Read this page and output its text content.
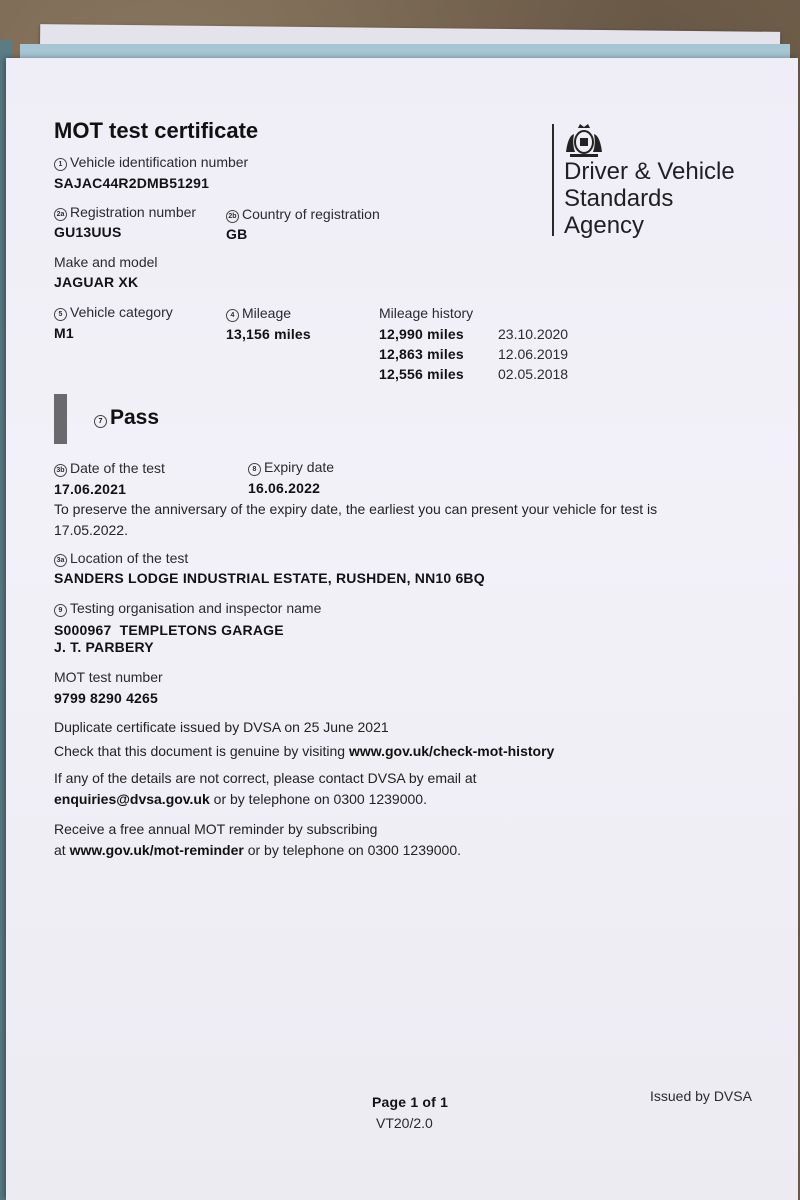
MOT test certificate
Driver & Vehicle
Standards
Agency
1 Vehicle identification number
SAJAC44R2DMB51291
2a Registration number
GU13UUS
2b Country of registration
GB
Make and model
JAGUAR XK
5 Vehicle category
M1
4 Mileage
13,156 miles
Mileage history
12,990 miles 23.10.2020
12,863 miles 12.06.2019
12,556 miles 02.05.2018
7 Pass
3b Date of the test
17.06.2021
8 Expiry date
16.06.2022
To preserve the anniversary of the expiry date, the earliest you can present your vehicle for test is 17.05.2022.
3a Location of the test
SANDERS LODGE INDUSTRIAL ESTATE, RUSHDEN, NN10 6BQ
9 Testing organisation and inspector name
S000967  TEMPLETONS GARAGE
J. T. PARBERY
MOT test number
9799 8290 4265
Duplicate certificate issued by DVSA on 25 June 2021
Check that this document is genuine by visiting www.gov.uk/check-mot-history
If any of the details are not correct, please contact DVSA by email at
enquiries@dvsa.gov.uk or by telephone on 0300 1239000.
Receive a free annual MOT reminder by subscribing
at www.gov.uk/mot-reminder or by telephone on 0300 1239000.
Page 1 of 1
VT20/2.0
Issued by DVSA
